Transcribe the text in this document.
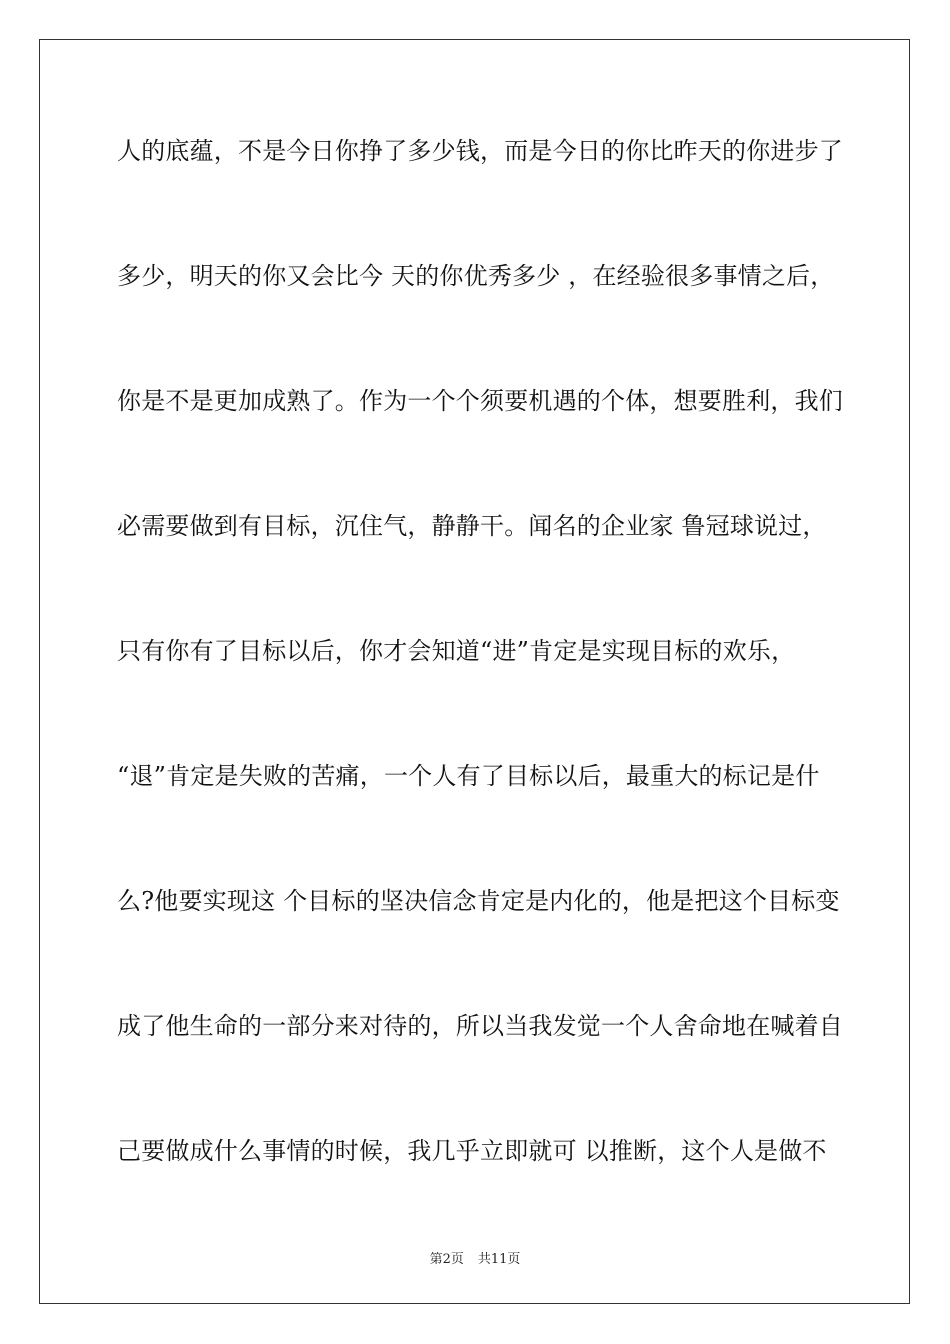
人的底蕴，不是今日你挣了多少钱，而是今日的你比昨天的你进步了
多少，明天的你又会比今 天的你优秀多少 ，在经验很多事情之后，
你是不是更加成熟了。作为一个个须要机遇的个体，想要胜利，我们
必需要做到有目标，沉住气，静静干。闻名的企业家 鲁冠球说过，
只有你有了目标以后，你才会知道“进”肯定是实现目标的欢乐，
“退”肯定是失败的苦痛，一个人有了目标以后，最重大的标记是什
么?他要实现这 个目标的坚决信念肯定是内化的，他是把这个目标变
成了他生命的一部分来对待的，所以当我发觉一个人舍命地在喊着自
己要做成什么事情的时候，我几乎立即就可 以推断，这个人是做不
第2页 共11页
